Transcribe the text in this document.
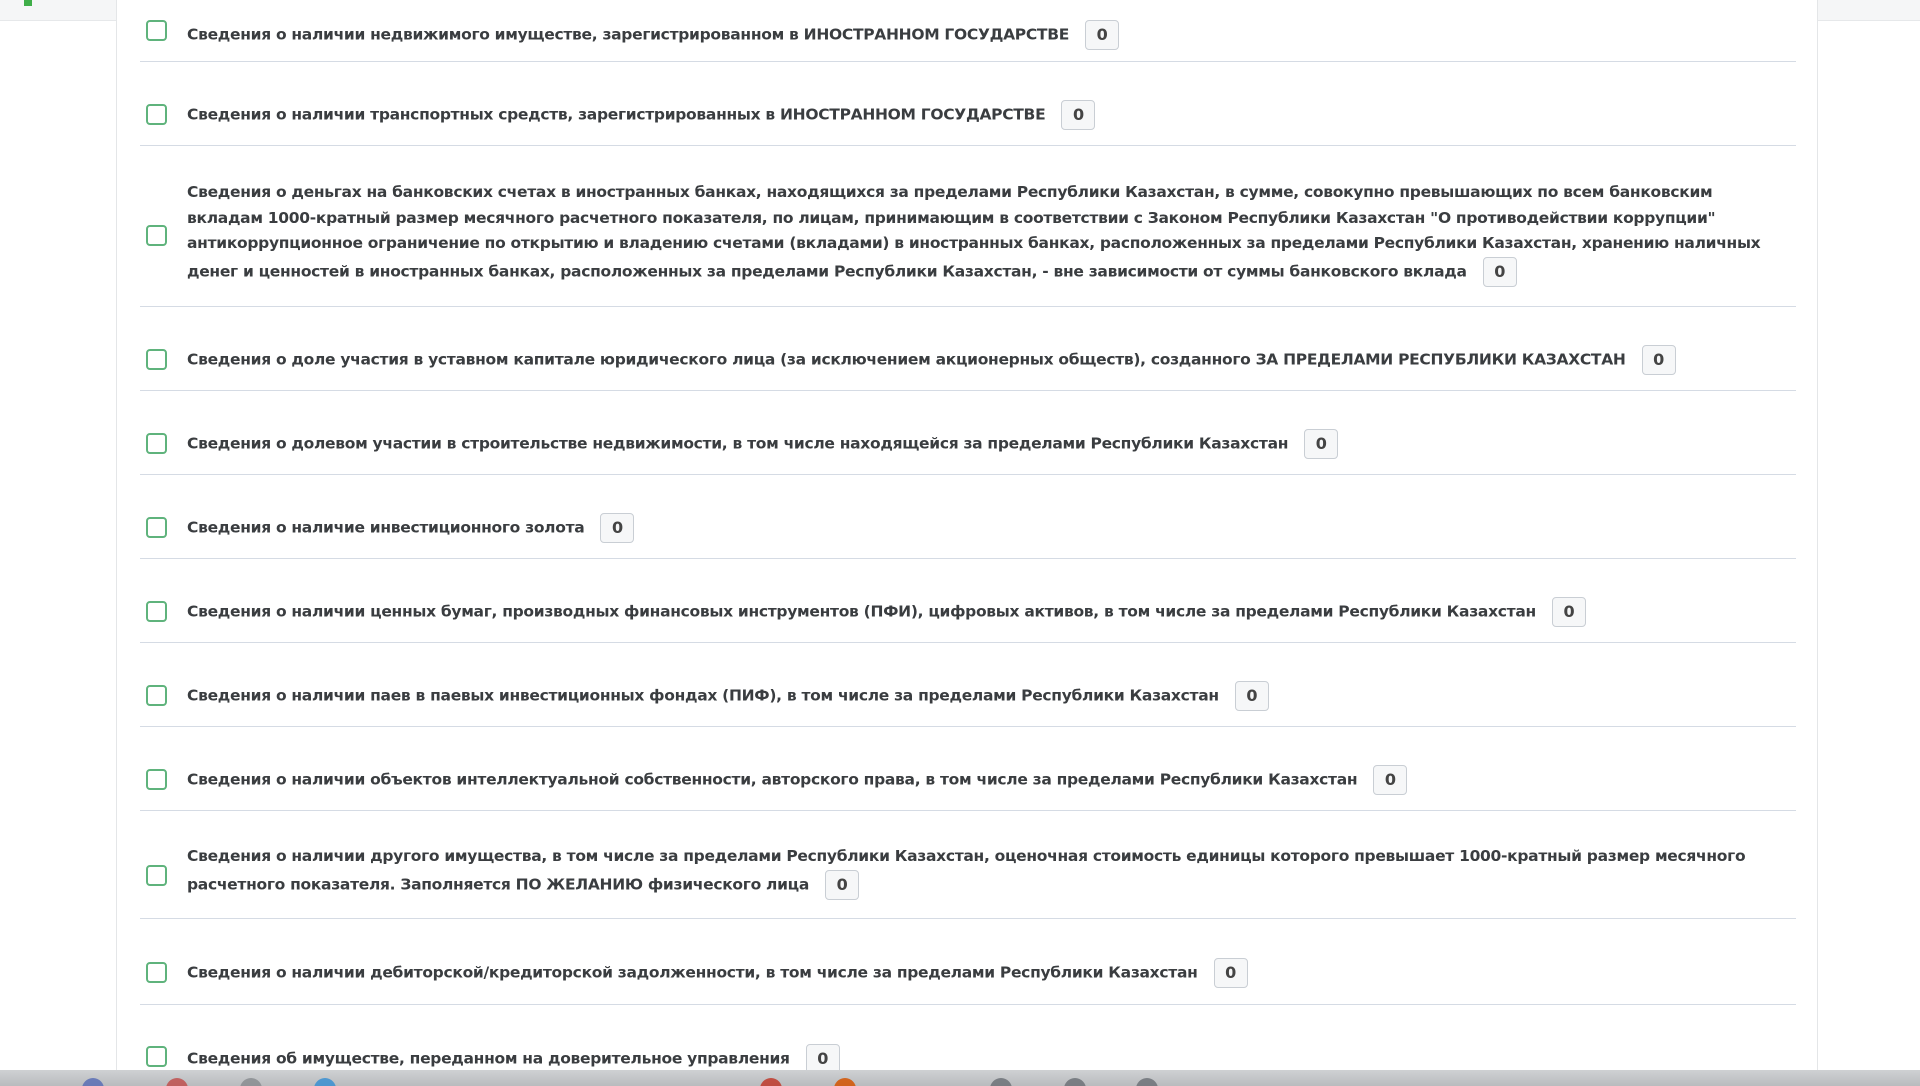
Сведения о наличии недвижимого имуществе, зарегистрированном в ИНОСТРАННОМ ГОСУДАРСТВЕ 0
Сведения о наличии транспортных средств, зарегистрированных в ИНОСТРАННОМ ГОСУДАРСТВЕ 0
Сведения о деньгах на банковских счетах в иностранных банках, находящихся за пределами Республики Казахстан, в сумме, совокупно превышающих по всем банковским вкладам 1000-кратный размер месячного расчетного показателя, по лицам, принимающим в соответствии с Законом Республики Казахстан "О противодействии коррупции" антикоррупционное ограничение по открытию и владению счетами (вкладами) в иностранных банках, расположенных за пределами Республики Казахстан, хранению наличных денег и ценностей в иностранных банках, расположенных за пределами Республики Казахстан, - вне зависимости от суммы банковского вклада 0
Сведения о доле участия в уставном капитале юридического лица (за исключением акционерных обществ), созданного ЗА ПРЕДЕЛАМИ РЕСПУБЛИКИ КАЗАХСТАН 0
Сведения о долевом участии в строительстве недвижимости, в том числе находящейся за пределами Республики Казахстан 0
Сведения о наличие инвестиционного золота 0
Сведения о наличии ценных бумаг, производных финансовых инструментов (ПФИ), цифровых активов, в том числе за пределами Республики Казахстан 0
Сведения о наличии паев в паевых инвестиционных фондах (ПИФ), в том числе за пределами Республики Казахстан 0
Сведения о наличии объектов интеллектуальной собственности, авторского права, в том числе за пределами Республики Казахстан 0
Сведения о наличии другого имущества, в том числе за пределами Республики Казахстан, оценочная стоимость единицы которого превышает 1000-кратный размер месячного расчетного показателя. Заполняется ПО ЖЕЛАНИЮ физического лица 0
Сведения о наличии дебиторской/кредиторской задолженности, в том числе за пределами Республики Казахстан 0
Сведения об имуществе, переданном на доверительное управления 0
